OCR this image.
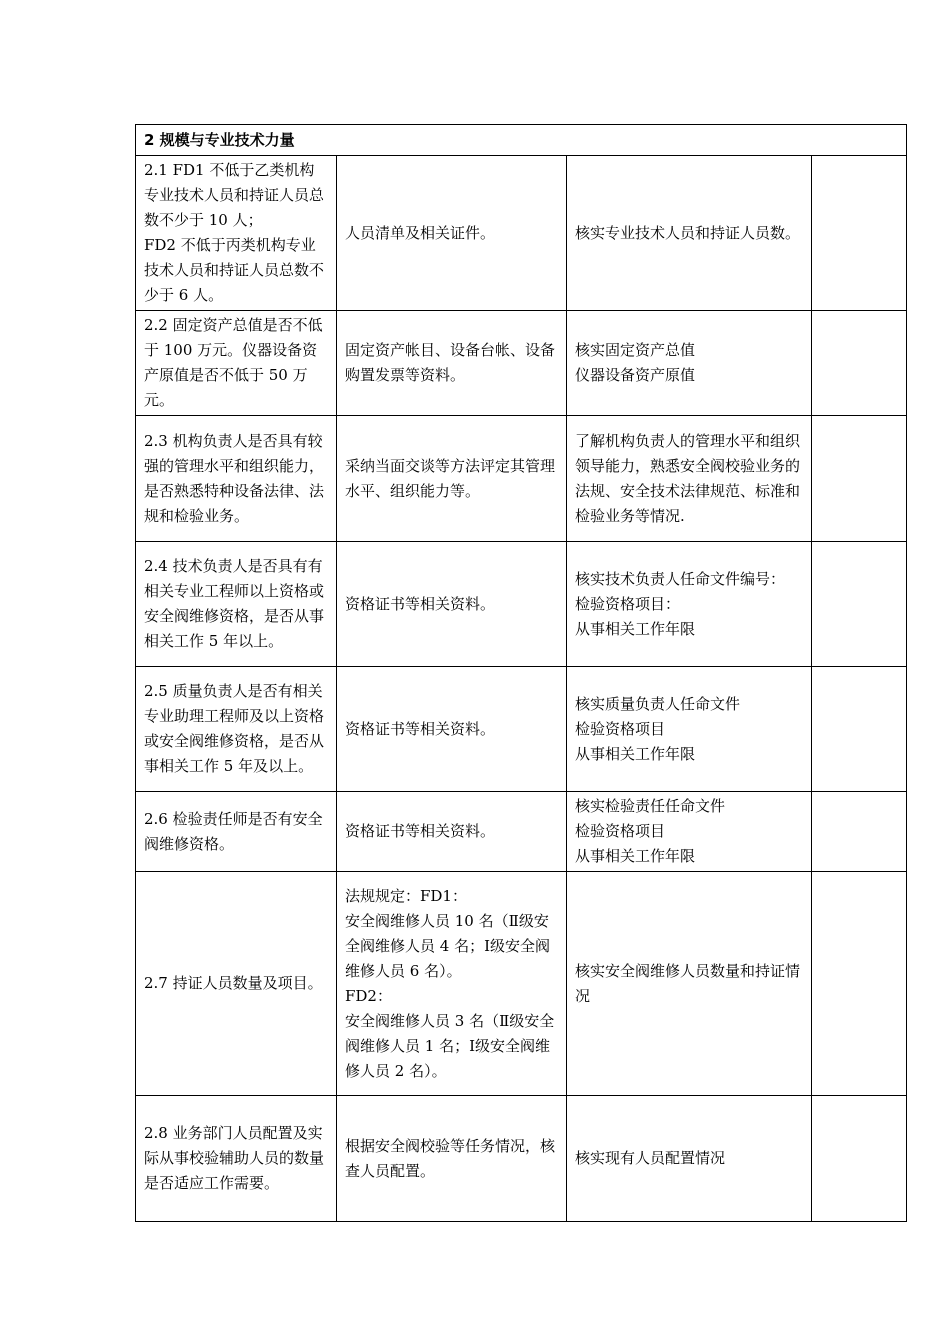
2 规模与专业技术力量			
2.1 FD1 不低于乙类机构专业技术人员和持证人员总数不少于 10 人；
FD2 不低于丙类机构专业技术人员和持证人员总数不少于 6 人。	人员清单及相关证件。	核实专业技术人员和持证人员数。	
2.2 固定资产总值是否不低于 100 万元。仪器设备资产原值是否不低于 50 万元。	固定资产帐目、设备台帐、设备购置发票等资料。	核实固定资产总值
仪器设备资产原值	
2.3 机构负责人是否具有较强的管理水平和组织能力，是否熟悉特种设备法律、法规和检验业务。	采纳当面交谈等方法评定其管理水平、组织能力等。	了解机构负责人的管理水平和组织领导能力，熟悉安全阀校验业务的法规、安全技术法律规范、标准和检验业务等情况.	
2.4 技术负责人是否具有有相关专业工程师以上资格或安全阀维修资格，是否从事相关工作 5 年以上。	资格证书等相关资料。	核实技术负责人任命文件编号：
检验资格项目：
从事相关工作年限	
2.5 质量负责人是否有相关专业助理工程师及以上资格或安全阀维修资格，是否从事相关工作 5 年及以上。	资格证书等相关资料。	核实质量负责人任命文件
检验资格项目
从事相关工作年限	
2.6 检验责任师是否有安全阀维修资格。	资格证书等相关资料。	核实检验责任任命文件
检验资格项目
从事相关工作年限	
2.7 持证人员数量及项目。	法规规定：FD1：
安全阀维修人员 10 名（Ⅱ级安全阀维修人员 4 名；Ⅰ级安全阀维修人员 6 名）。
FD2：
安全阀维修人员 3 名（Ⅱ级安全阀维修人员 1 名；Ⅰ级安全阀维修人员 2 名）。	核实安全阀维修人员数量和持证情况	
2.8 业务部门人员配置及实际从事校验辅助人员的数量是否适应工作需要。	根据安全阀校验等任务情况，核查人员配置。	核实现有人员配置情况	
